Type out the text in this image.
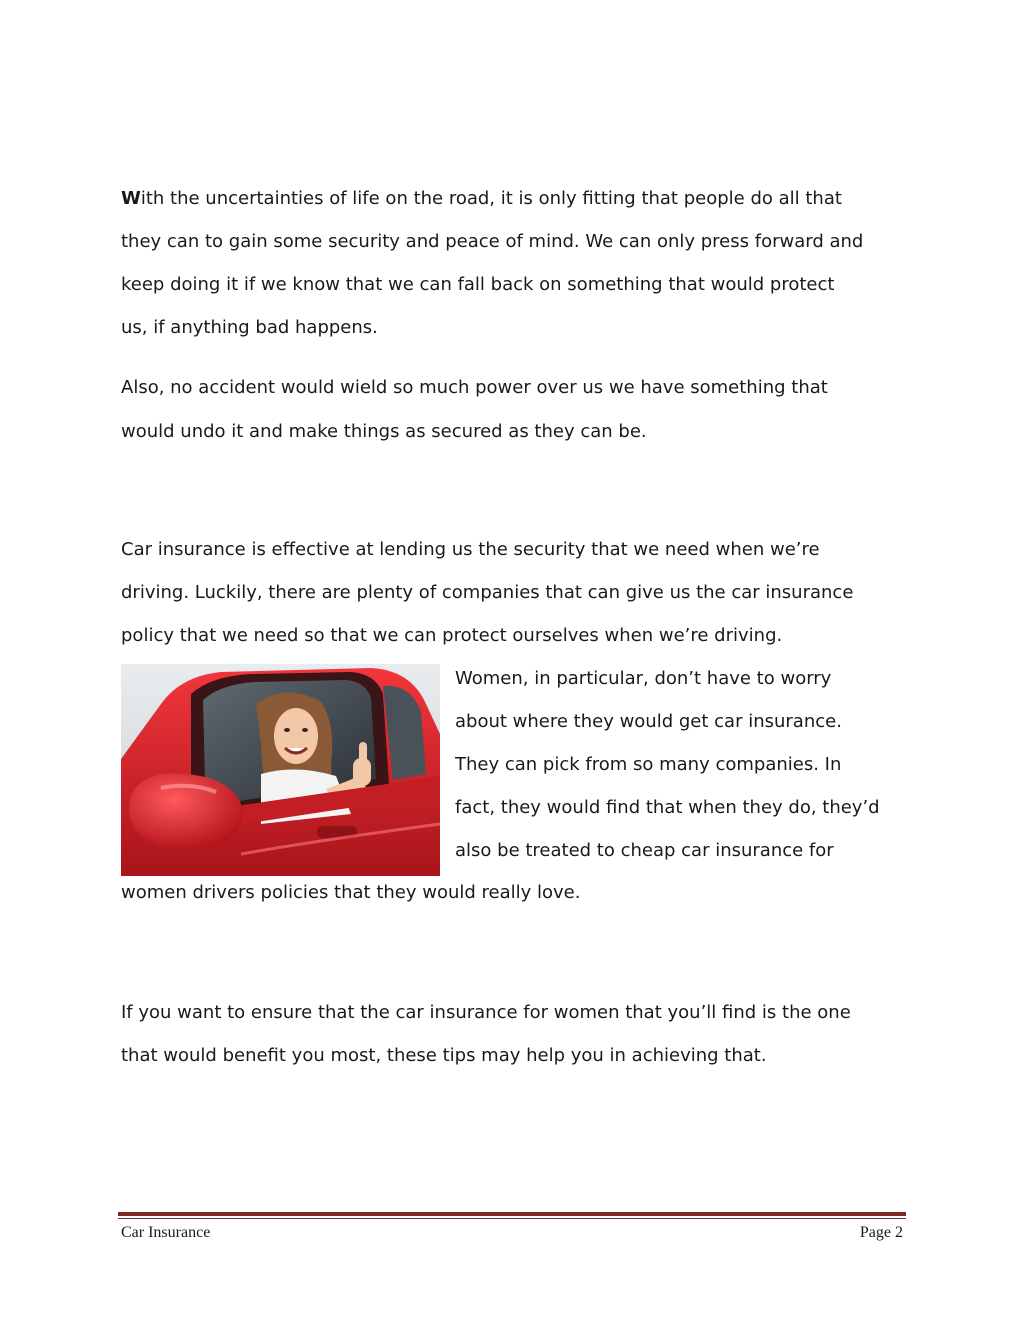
With the uncertainties of life on the road, it is only fitting that people do all that
they can to gain some security and peace of mind. We can only press forward and
keep doing it if we know that we can fall back on something that would protect
us, if anything bad happens.
Also, no accident would wield so much power over us we have something that
would undo it and make things as secured as they can be.
Car insurance is effective at lending us the security that we need when we’re
driving. Luckily, there are plenty of companies that can give us the car insurance
policy that we need so that we can protect ourselves when we’re driving.
Women, in particular, don’t have to worry
about where they would get car insurance.
They can pick from so many companies. In
fact, they would find that when they do, they’d
also be treated to cheap car insurance for
women drivers policies that they would really love.
If you want to ensure that the car insurance for women that you’ll find is the one
that would benefit you most, these tips may help you in achieving that.
Car Insurance	Page 2
